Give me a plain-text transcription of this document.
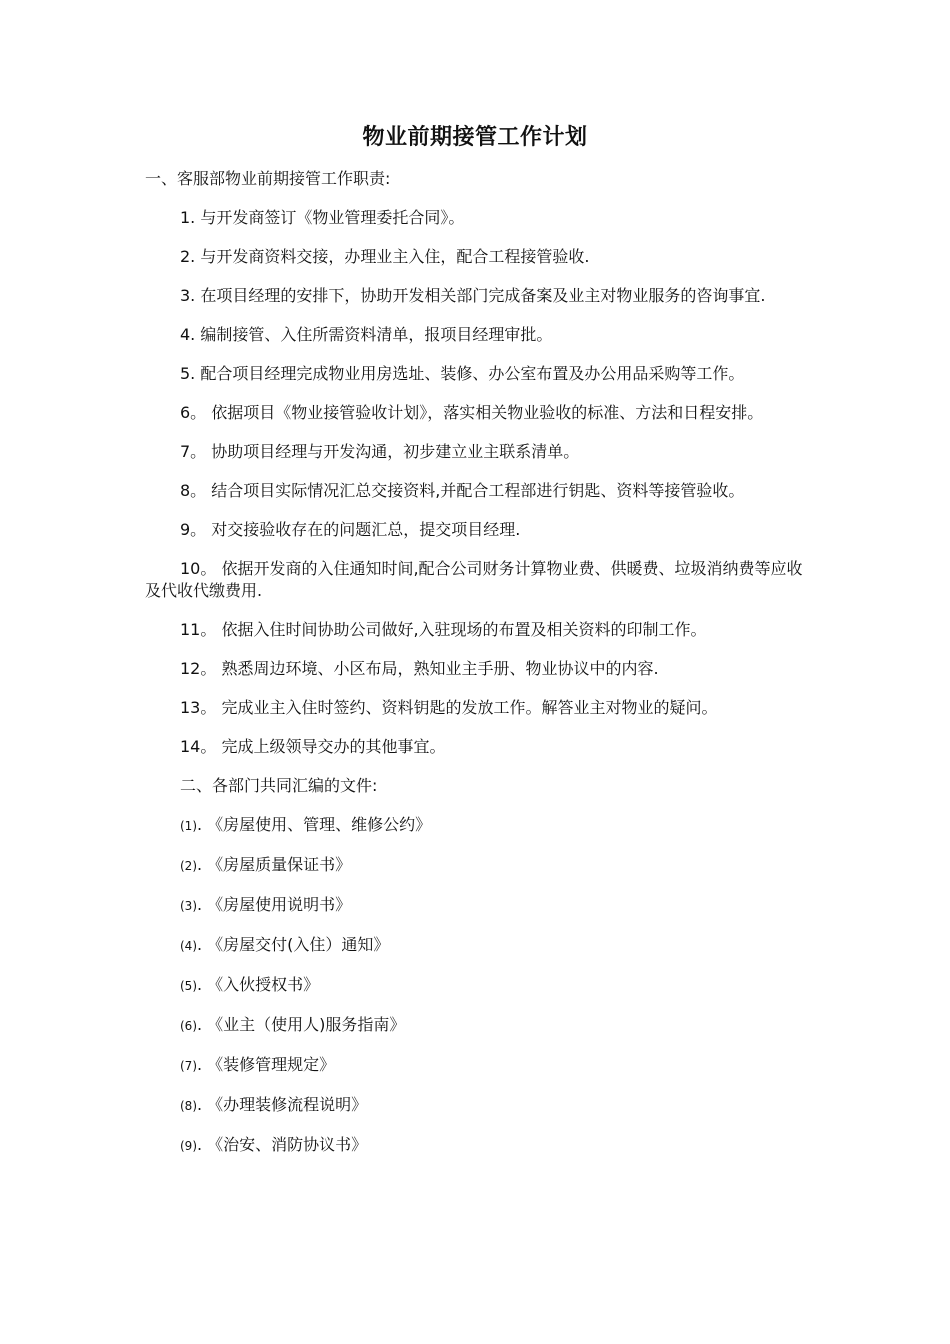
物业前期接管工作计划

一、客服部物业前期接管工作职责:

1. 与开发商签订《物业管理委托合同》。

2. 与开发商资料交接，办理业主入住，配合工程接管验收.

3. 在项目经理的安排下，协助开发相关部门完成备案及业主对物业服务的咨询事宜.

4. 编制接管、入住所需资料清单，报项目经理审批。

5. 配合项目经理完成物业用房选址、装修、办公室布置及办公用品采购等工作。

6。 依据项目《物业接管验收计划》，落实相关物业验收的标准、方法和日程安排。

7。 协助项目经理与开发沟通，初步建立业主联系清单。

8。 结合项目实际情况汇总交接资料,并配合工程部进行钥匙、资料等接管验收。

9。 对交接验收存在的问题汇总，提交项目经理.

10。 依据开发商的入住通知时间,配合公司财务计算物业费、供暖费、垃圾消纳费等应收及代收代缴费用.

11。 依据入住时间协助公司做好,入驻现场的布置及相关资料的印制工作。

12。 熟悉周边环境、小区布局，熟知业主手册、物业协议中的内容.

13。 完成业主入住时签约、资料钥匙的发放工作。解答业主对物业的疑问。

14。 完成上级领导交办的其他事宜。

二、各部门共同汇编的文件:

(1). 《房屋使用、管理、维修公约》
(2). 《房屋质量保证书》
(3). 《房屋使用说明书》
(4). 《房屋交付(入住）通知》
(5). 《入伙授权书》
(6). 《业主（使用人)服务指南》
(7). 《装修管理规定》
(8). 《办理装修流程说明》
(9). 《治安、消防协议书》
